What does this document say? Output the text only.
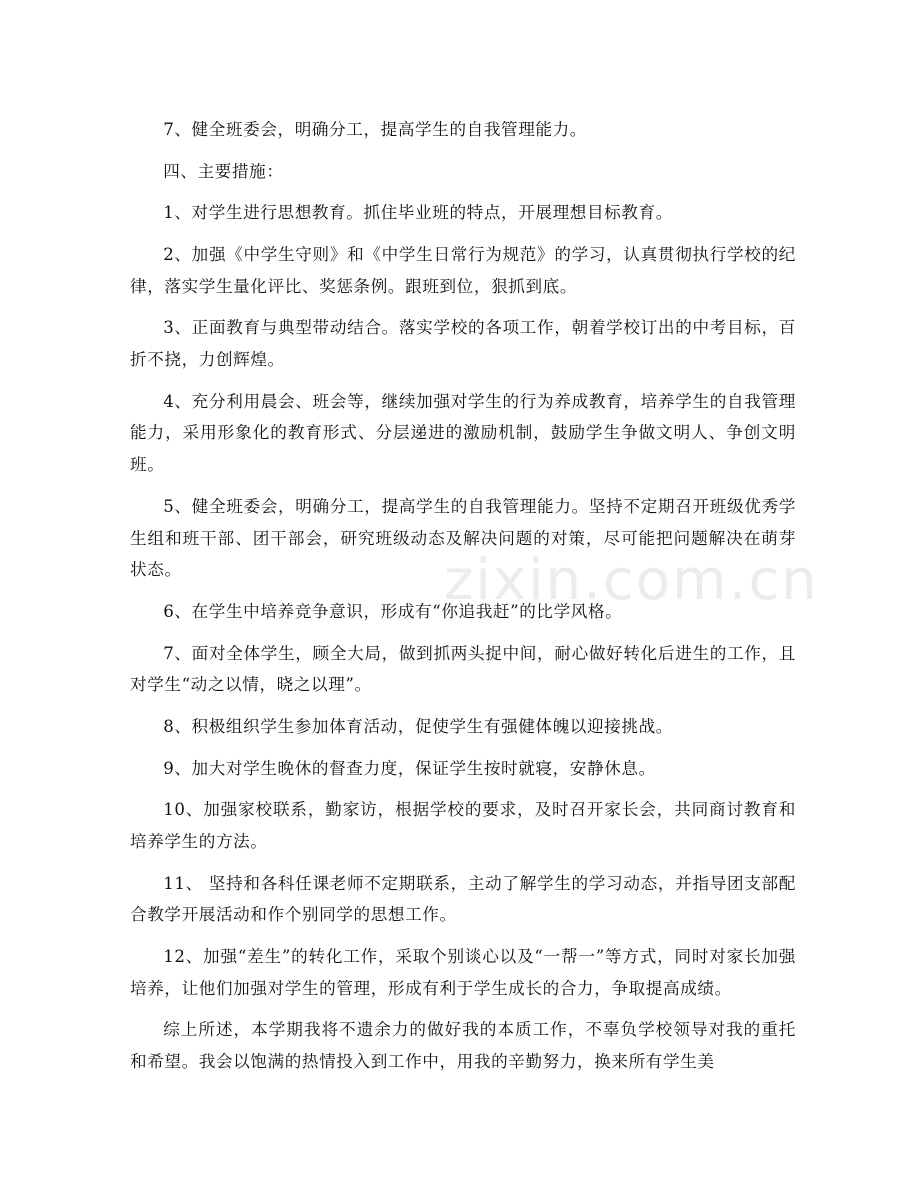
zixin.com.cn

7、健全班委会，明确分工，提高学生的自我管理能力。

四、主要措施：

1、对学生进行思想教育。抓住毕业班的特点，开展理想目标教育。

2、加强《中学生守则》和《中学生日常行为规范》的学习，认真贯彻执行学校的纪律，落实学生量化评比、奖惩条例。跟班到位，狠抓到底。

3、正面教育与典型带动结合。落实学校的各项工作，朝着学校订出的中考目标，百折不挠，力创辉煌。

4、充分利用晨会、班会等，继续加强对学生的行为养成教育，培养学生的自我管理能力，采用形象化的教育形式、分层递进的激励机制，鼓励学生争做文明人、争创文明班。

5、健全班委会，明确分工，提高学生的自我管理能力。坚持不定期召开班级优秀学生组和班干部、团干部会，研究班级动态及解决问题的对策，尽可能把问题解决在萌芽状态。

6、在学生中培养竞争意识，形成有“你追我赶”的比学风格。

7、面对全体学生，顾全大局，做到抓两头捉中间，耐心做好转化后进生的工作，且对学生“动之以情，晓之以理”。

8、积极组织学生参加体育活动，促使学生有强健体魄以迎接挑战。

9、加大对学生晚休的督查力度，保证学生按时就寝，安静休息。

10、加强家校联系，勤家访，根据学校的要求，及时召开家长会，共同商讨教育和培养学生的方法。

11、 坚持和各科任课老师不定期联系，主动了解学生的学习动态，并指导团支部配合教学开展活动和作个别同学的思想工作。

12、加强“差生”的转化工作，采取个别谈心以及“一帮一”等方式，同时对家长加强培养，让他们加强对学生的管理，形成有利于学生成长的合力，争取提高成绩。

综上所述，本学期我将不遗余力的做好我的本质工作，不辜负学校领导对我的重托和希望。我会以饱满的热情投入到工作中，用我的辛勤努力，换来所有学生美
